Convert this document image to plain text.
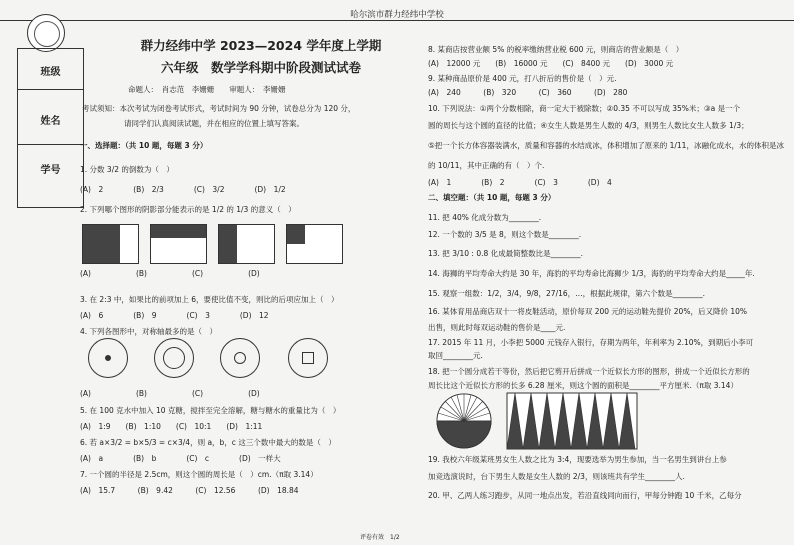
哈尔滨市群力经纬中学校
班级
姓名
学号
群力经纬中学 2023—2024 学年度上学期
六年级　数学学科期中阶段测试试卷
命题人：　肖志范　李姗姗　　审题人：　李姗姗
考试须知：本次考试为闭卷考试形式，考试时间为 90 分钟，试卷总分为 120 分，
请同学们认真阅读试题，并在相应的位置上填写答案。
一、选择题：（共 10 题，每题 3 分）
1. 分数 3/2 的倒数为（　）
(A)　2　　　　(B)　2/3　　　　(C)　3/2　　　　(D)　1/2
2. 下列哪个图形的阴影部分能表示的是 1/2 的 1/3 的意义（　）
(A)　　　　　　(B)　　　　　　(C)　　　　　　(D)
3. 在 2:3 中，如果比的前项加上 6，要使比值不变，则比的后项应加上（　）
(A)　6　　　　(B)　9　　　　(C)　3　　　　(D)　12
4. 下列各图形中，对称轴最多的是（　）
(A)　　　　　　(B)　　　　　　(C)　　　　　　(D)
5. 在 100 克水中加入 10 克糖，搅拌至完全溶解，糖与糖水的重量比为（　）
(A)　1:9　　(B)　1:10　　(C)　10:1　　(D)　1:11
6. 若 a×3/2 = b×5/3 = c×3/4，则 a，b，c 这三个数中最大的数是（　）
(A)　a　　　　(B)　b　　　　(C)　c　　　　(D)　一样大
7. 一个圆的半径是 2.5cm，则这个圆的周长是（　）cm.（π取 3.14）
(A)　15.7　　　(B)　9.42　　　(C)　12.56　　　(D)　18.84
8. 某商店按营业额 5% 的税率缴纳营业税 600 元，则商店的营业额是（　）
(A)　12000 元　　(B)　16000 元　　(C)　8400 元　　(D)　3000 元
9. 某种商品原价是 400 元，打八折后的售价是（　）元.
(A)　240　　　(B)　320　　　(C)　360　　　(D)　280
10. 下列说法：①两个分数相除，商一定大于被除数；②0.35 不可以写成 35%米；③a 是一个
圆的周长与这个圆的直径的比值；④女生人数是男生人数的 4/3，则男生人数比女生人数多 1/3；
⑤把一个长方体容器装满水，质量和容器的水结成冰，体积增加了原来的 1/11，冰融化成水，水的体积是冰
的 10/11，其中正确的有（　）个.
(A)　1　　　　(B)　2　　　　(C)　3　　　　(D)　4
二、填空题：（共 10 题，每题 3 分）
11. 把 40% 化成分数为________.
12. 一个数的 3/5 是 8，则这个数是________.
13. 把 3/10 : 0.8 化成最简整数比是________.
14. 海狮的平均寿命大约是 30 年，海豹的平均寿命比海狮少 1/3，海豹的平均寿命大约是_____年.
15. 观察一组数：1/2，3/4，9/8，27/16，…，根据此规律，第六个数是________.
16. 某体育用品商店双十一将皮鞋活动，原价每双 200 元的运动鞋先提价 20%，后又降价 10%
出售，则此时每双运动鞋的售价是____元.
17. 2015 年 11 月，小李把 5000 元钱存入银行，存期为两年，年利率为 2.10%，到期后小李可
取回________元.
18. 把一个圆分成若干等份，然后把它剪开后拼成一个近似长方形的图形，拼成一个近似长方形的
周长比这个近似长方形的长多 6.28 厘米，则这个圆的面积是________平方厘米.（π取 3.14）
19. 我校六年级某班男女生人数之比为 3:4，现要选举为男生参加，当一名男生到讲台上参
加竞选演说时，台下男生人数是女生人数的 2/3，则该班共有学生________人.
20. 甲、乙两人练习跑步，从同一地点出发，若沿直线同向而行，甲每分钟跑 10 千米，乙每分
评卷有效　1/2
